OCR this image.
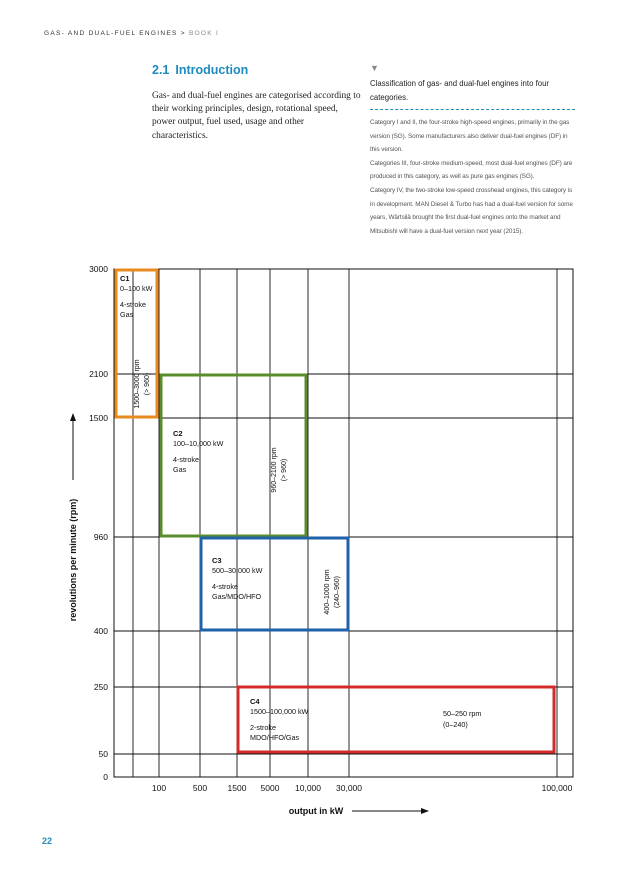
GAS- AND DUAL-FUEL ENGINES > BOOK I
2.1 Introduction
Gas- and dual-fuel engines are categorised according to their working principles, design, rotational speed, power output, fuel used, usage and other characteristics.
▼
Classification of gas- and dual-fuel engines into four categories.

Category I and II, the four-stroke high-speed engines, primarily in the gas version (SG). Some manufacturers also deliver dual-fuel engines (DF) in this version.

Categories III, four-stroke medium-speed, most dual-fuel engines (DF) are produced in this category, as well as pure gas engines (SG).

Category IV, the two-stroke low-speed crosshead engines, this category is in development. MAN Diesel & Turbo has had a dual-fuel version for some years, Wärtsilä brought the first dual-fuel engines onto the market and Mitsubishi will have a dual-fuel version next year (2015).

C1
0–100 kW
4-stroke
Gas
1500–3000 rpm (> 960)
C2
100–10,000 kW
4-stroke
Gas	960–2100 rpm (> 960)
C3
500–30,000 kW
4-stroke
Gas/MDO/HFO	400–1000 rpm (240–960)
C4
1500–100,000 kW
2-stroke
MDO/HFO/Gas
50–250 rpm
(0–240)
0
50
250
400
960
1500
2100
3000
100	500 1500 5000 10,000 30,000	100,000
output in kW
revolutions per minute (rpm)
22
